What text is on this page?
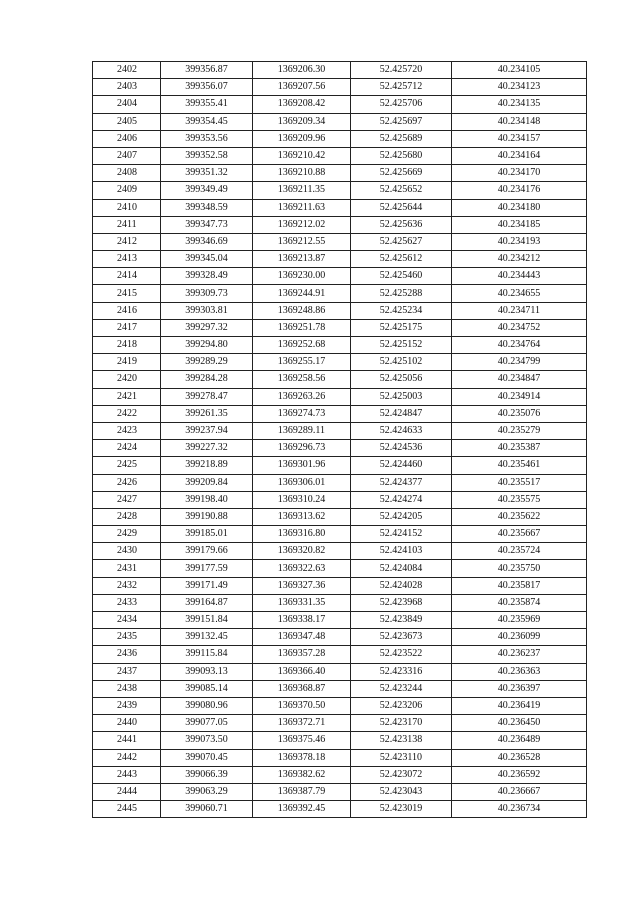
2402	399356.87	1369206.30	52.425720	40.234105
2403	399356.07	1369207.56	52.425712	40.234123
2404	399355.41	1369208.42	52.425706	40.234135
2405	399354.45	1369209.34	52.425697	40.234148
2406	399353.56	1369209.96	52.425689	40.234157
2407	399352.58	1369210.42	52.425680	40.234164
2408	399351.32	1369210.88	52.425669	40.234170
2409	399349.49	1369211.35	52.425652	40.234176
2410	399348.59	1369211.63	52.425644	40.234180
2411	399347.73	1369212.02	52.425636	40.234185
2412	399346.69	1369212.55	52.425627	40.234193
2413	399345.04	1369213.87	52.425612	40.234212
2414	399328.49	1369230.00	52.425460	40.234443
2415	399309.73	1369244.91	52.425288	40.234655
2416	399303.81	1369248.86	52.425234	40.234711
2417	399297.32	1369251.78	52.425175	40.234752
2418	399294.80	1369252.68	52.425152	40.234764
2419	399289.29	1369255.17	52.425102	40.234799
2420	399284.28	1369258.56	52.425056	40.234847
2421	399278.47	1369263.26	52.425003	40.234914
2422	399261.35	1369274.73	52.424847	40.235076
2423	399237.94	1369289.11	52.424633	40.235279
2424	399227.32	1369296.73	52.424536	40.235387
2425	399218.89	1369301.96	52.424460	40.235461
2426	399209.84	1369306.01	52.424377	40.235517
2427	399198.40	1369310.24	52.424274	40.235575
2428	399190.88	1369313.62	52.424205	40.235622
2429	399185.01	1369316.80	52.424152	40.235667
2430	399179.66	1369320.82	52.424103	40.235724
2431	399177.59	1369322.63	52.424084	40.235750
2432	399171.49	1369327.36	52.424028	40.235817
2433	399164.87	1369331.35	52.423968	40.235874
2434	399151.84	1369338.17	52.423849	40.235969
2435	399132.45	1369347.48	52.423673	40.236099
2436	399115.84	1369357.28	52.423522	40.236237
2437	399093.13	1369366.40	52.423316	40.236363
2438	399085.14	1369368.87	52.423244	40.236397
2439	399080.96	1369370.50	52.423206	40.236419
2440	399077.05	1369372.71	52.423170	40.236450
2441	399073.50	1369375.46	52.423138	40.236489
2442	399070.45	1369378.18	52.423110	40.236528
2443	399066.39	1369382.62	52.423072	40.236592
2444	399063.29	1369387.79	52.423043	40.236667
2445	399060.71	1369392.45	52.423019	40.236734
